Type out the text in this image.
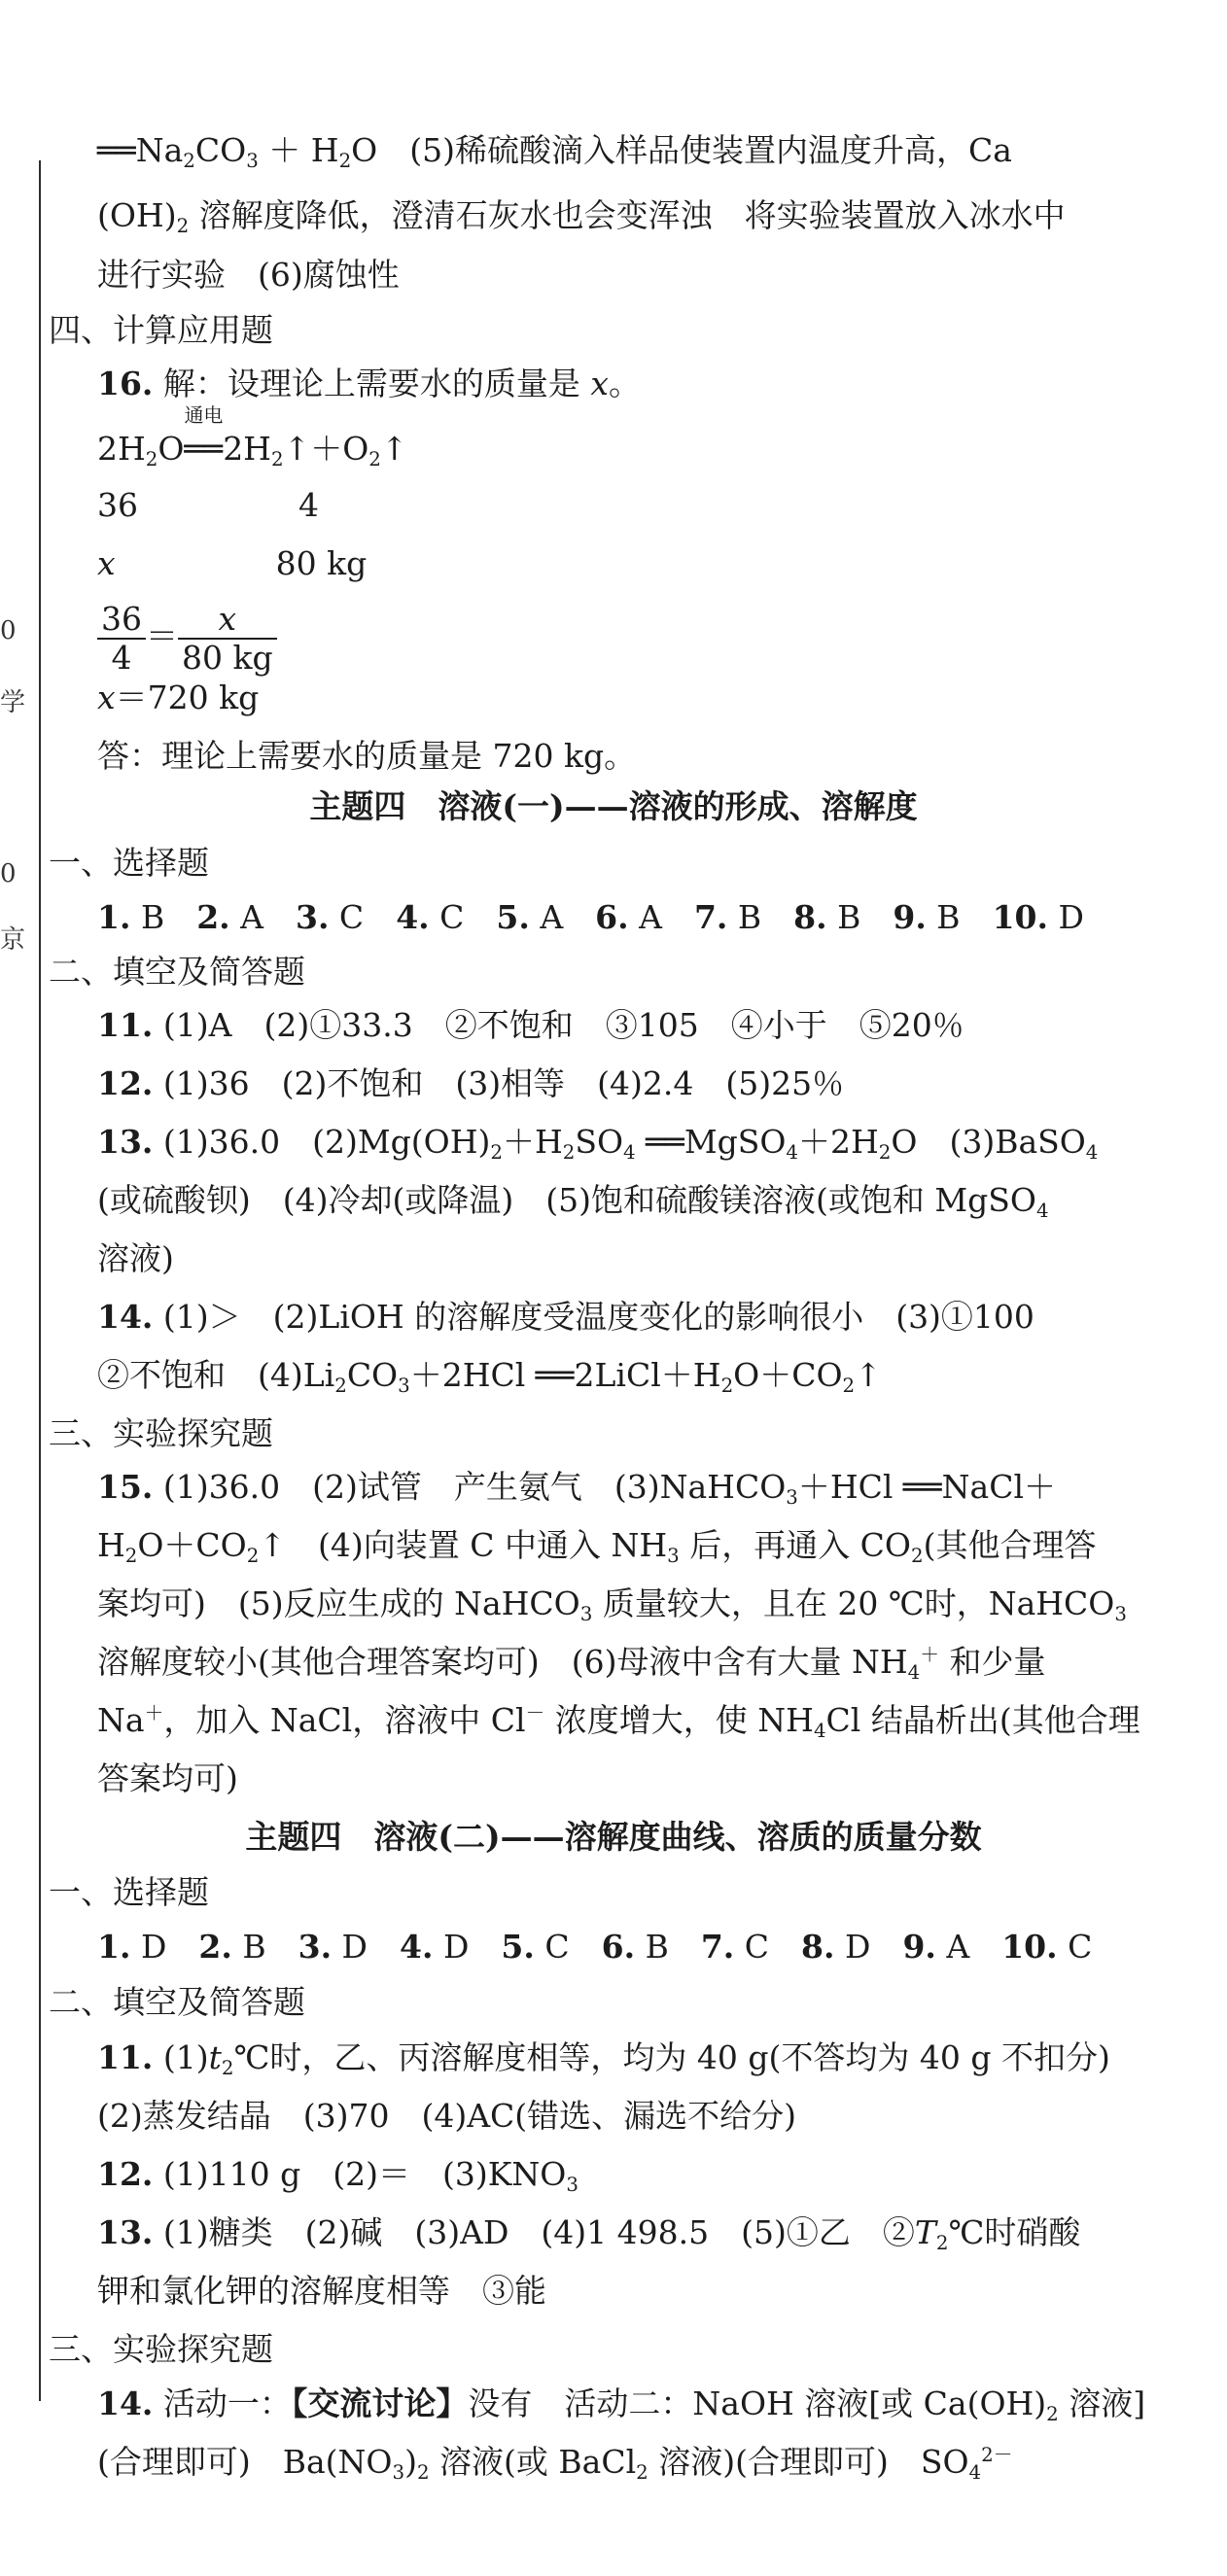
0
学
0
京
$══Na_2CO_3 + H_2O$　(5)稀硫酸滴入样品使装置内温度升高，Ca
$(OH)_2$ 溶解度降低，澄清石灰水也会变浑浊　将实验装置放入冰水中
进行实验　(6)腐蚀性
四、计算应用题
16. 解：设理论上需要水的质量是 x。
$2H_2O$
通电
$══2H_2↑+O_2↑$
36　　　　　4
x　　　　　80 kg
$\frac{36}{4} = \frac{x}{80 kg}$
x＝720 kg
答：理论上需要水的质量是 720 kg。
主题四　溶液(一)——溶液的形成、溶解度
一、选择题
1. B　2. A　3. C　4. C　5. A　6. A　7. B　8. B　9. B　10. D
二、填空及简答题
11. (1)A　(2)①33.3　②不饱和　③105　④小于　⑤20％
12. (1)36　(2)不饱和　(3)相等　(4)2.4　(5)25％
13. (1)36.0　$(2)Mg(OH)_2+H_2SO_4$ $══MgSO_4+2H_2O$　(3)BaSO$_4$
(或硫酸钡)　(4)冷却(或降温)　(5)饱和硫酸镁溶液(或饱和 MgSO$_4$
溶液)
14. (1)＞　(2)LiOH 的溶解度受温度变化的影响很小　(3)①100
②不饱和　$(4)Li_2CO_3+2HCl$ $══2LiCl+H_2O+CO_2↑$
三、实验探究题
15. (1)36.0　(2)试管　产生氨气　(3)NaHCO$_3$＋HCl ══NaCl＋
$H_2O+CO_2↑$　(4)向装置 C 中通入 $NH_3$ 后，再通入 $CO_2$(其他合理答
案均可)　(5)反应生成的 NaHCO$_3$ 质量较大，且在 20 ℃时，NaHCO$_3$
溶解度较小(其他合理答案均可)　(6)母液中含有大量 $NH_4^+$ 和少量
Na＋，加入 NaCl，溶液中 Cl－ 浓度增大，使 $NH_4Cl$ 结晶析出(其他合理
答案均可)
主题四　溶液(二)——溶解度曲线、溶质的质量分数
一、选择题
1. D　2. B　3. D　4. D　5. C　6. B　7. C　8. D　9. A　10. C
二、填空及简答题
11. $(1)t_2℃$时，乙、丙溶解度相等，均为 40 g(不答均为 40 g 不扣分)
(2)蒸发结晶　(3)70　(4)AC(错选、漏选不给分)
12. (1)110 g　(2)＝　$(3)KNO_3$
13. (1)糖类　(2)碱　(3)AD　(4)1 498.5　(5)①乙　$②T_2℃$时硝酸
钾和氯化钾的溶解度相等　③能
三、实验探究题
14. 活动一：【交流讨论】没有　活动二：NaOH 溶液[或 $Ca(OH)_2$ 溶液]
(合理即可)　$Ba(NO_3)_2$ 溶液(或 BaCl$_2$ 溶液)(合理即可)　$SO_4^{2-}$
